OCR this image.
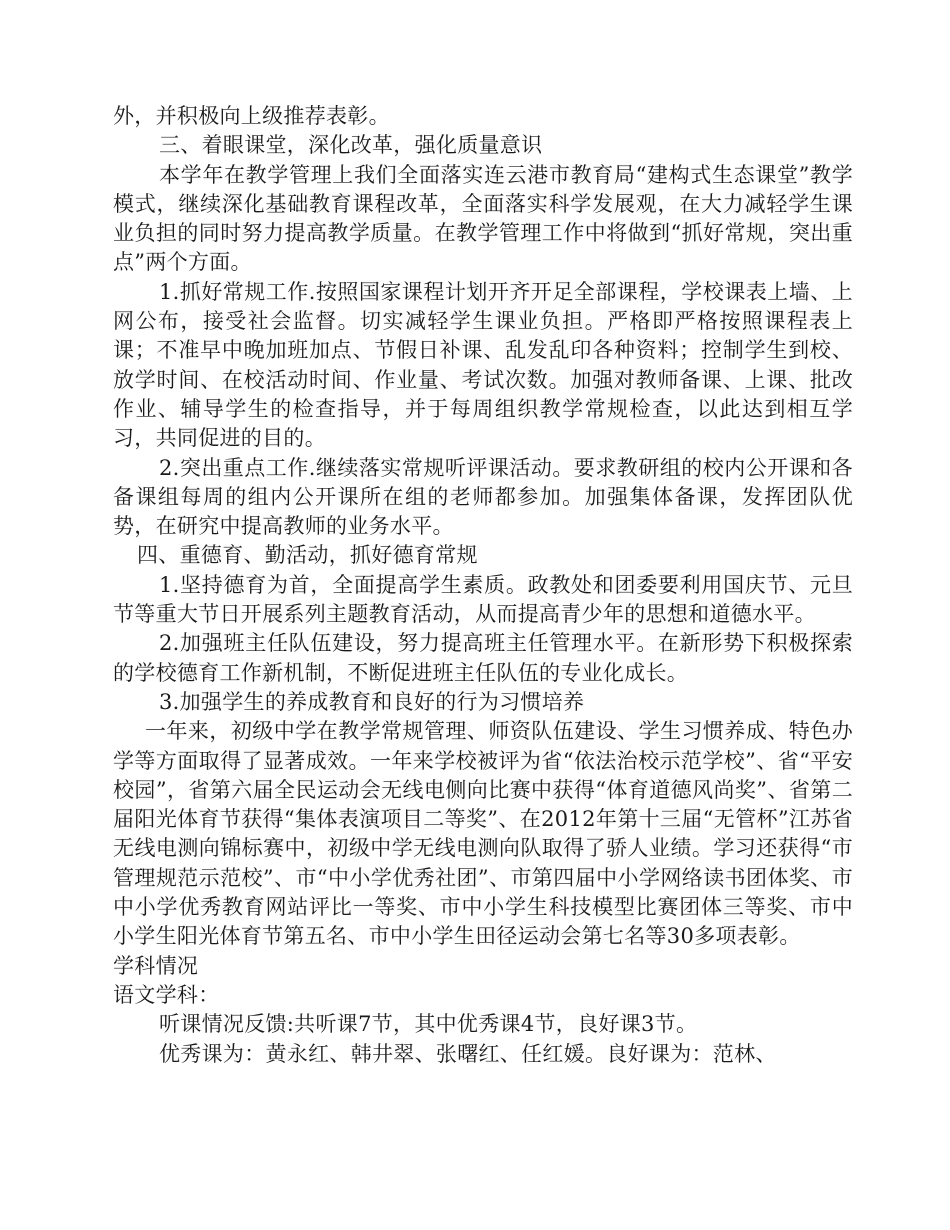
外，并积极向上级推荐表彰。

三、着眼课堂，深化改革，强化质量意识

本学年在教学管理上我们全面落实连云港市教育局“建构式生态课堂”教学模式，继续深化基础教育课程改革，全面落实科学发展观，在大力减轻学生课业负担的同时努力提高教学质量。在教学管理工作中将做到“抓好常规，突出重点”两个方面。

1.抓好常规工作.按照国家课程计划开齐开足全部课程，学校课表上墙、上网公布，接受社会监督。切实减轻学生课业负担。严格即严格按照课程表上课；不准早中晚加班加点、节假日补课、乱发乱印各种资料；控制学生到校、放学时间、在校活动时间、作业量、考试次数。加强对教师备课、上课、批改作业、辅导学生的检查指导，并于每周组织教学常规检查，以此达到相互学习，共同促进的目的。

2.突出重点工作.继续落实常规听评课活动。要求教研组的校内公开课和各备课组每周的组内公开课所在组的老师都参加。加强集体备课，发挥团队优势，在研究中提高教师的业务水平。

四、重德育、勤活动，抓好德育常规

1.坚持德育为首，全面提高学生素质。政教处和团委要利用国庆节、元旦节等重大节日开展系列主题教育活动，从而提高青少年的思想和道德水平。

2.加强班主任队伍建设，努力提高班主任管理水平。在新形势下积极探索的学校德育工作新机制，不断促进班主任队伍的专业化成长。

3.加强学生的养成教育和良好的行为习惯培养

一年来，初级中学在教学常规管理、师资队伍建设、学生习惯养成、特色办学等方面取得了显著成效。一年来学校被评为省“依法治校示范学校”、省“平安校园”，省第六届全民运动会无线电侧向比赛中获得“体育道德风尚奖”、省第二届阳光体育节获得“集体表演项目二等奖”、在2012年第十三届“无管杯”江苏省无线电测向锦标赛中，初级中学无线电测向队取得了骄人业绩。学习还获得“市管理规范示范校”、市“中小学优秀社团”、市第四届中小学网络读书团体奖、市中小学优秀教育网站评比一等奖、市中小学生科技模型比赛团体三等奖、市中小学生阳光体育节第五名、市中小学生田径运动会第七名等30多项表彰。

学科情况

语文学科：

听课情况反馈:共听课7节，其中优秀课4节，良好课3节。

优秀课为：黄永红、韩井翠、张曙红、任红媛。良好课为：范林、
